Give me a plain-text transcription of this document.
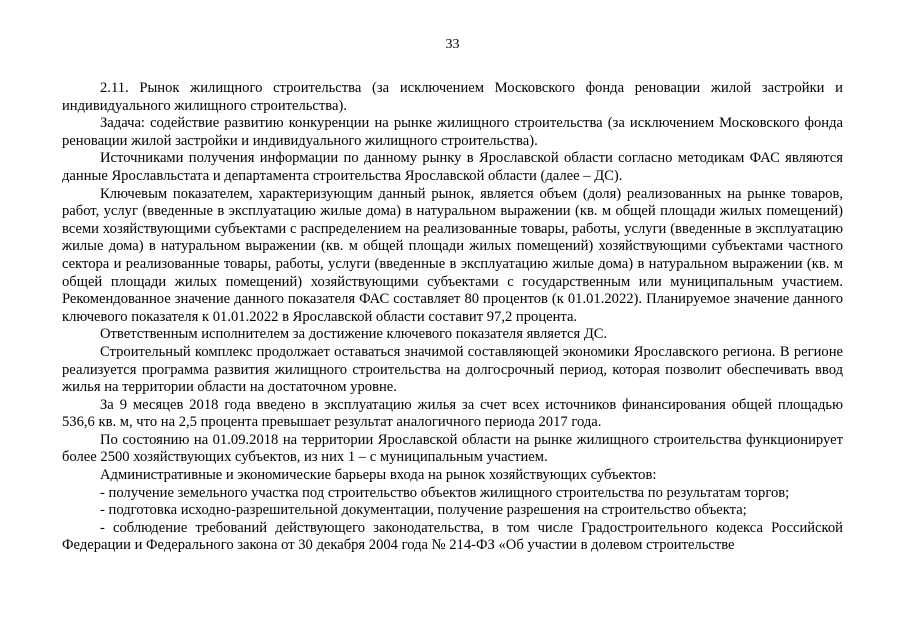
33

2.11. Рынок жилищного строительства (за исключением Московского фонда реновации жилой застройки и индивидуального жилищного строительства).

Задача: содействие развитию конкуренции на рынке жилищного строительства (за исключением Московского фонда реновации жилой застройки и индивидуального жилищного строительства).

Источниками получения информации по данному рынку в Ярославской области согласно методикам ФАС являются данные Ярославльстата и департамента строительства Ярославской области (далее – ДС).

Ключевым показателем, характеризующим данный рынок, является объем (доля) реализованных на рынке товаров, работ, услуг (введенные в эксплуатацию жилые дома) в натуральном выражении (кв. м общей площади жилых помещений) всеми хозяйствующими субъектами с распределением на реализованные товары, работы, услуги (введенные в эксплуатацию жилые дома) в натуральном выражении (кв. м общей площади жилых помещений) хозяйствующими субъектами частного сектора и реализованные товары, работы, услуги (введенные в эксплуатацию жилые дома) в натуральном выражении (кв. м общей площади жилых помещений) хозяйствующими субъектами с государственным или муниципальным участием. Рекомендованное значение данного показателя ФАС составляет 80 процентов (к 01.01.2022). Планируемое значение данного ключевого показателя к 01.01.2022 в Ярославской области составит 97,2 процента.

Ответственным исполнителем за достижение ключевого показателя является ДС.

Строительный комплекс продолжает оставаться значимой составляющей экономики Ярославского региона. В регионе реализуется программа развития жилищного строительства на долгосрочный период, которая позволит обеспечивать ввод жилья на территории области на достаточном уровне.

За 9 месяцев 2018 года введено в эксплуатацию жилья за счет всех источников финансирования общей площадью 536,6 кв. м, что на 2,5 процента превышает результат аналогичного периода 2017 года.

По состоянию на 01.09.2018 на территории Ярославской области на рынке жилищного строительства функционирует более 2500 хозяйствующих субъектов, из них 1 – с муниципальным участием.

Административные и экономические барьеры входа на рынок хозяйствующих субъектов:

- получение земельного участка под строительство объектов жилищного строительства по результатам торгов;

- подготовка исходно-разрешительной документации, получение разрешения на строительство объекта;

- соблюдение требований действующего законодательства, в том числе Градостроительного кодекса Российской Федерации и Федерального закона от 30 декабря 2004 года № 214-ФЗ «Об участии в долевом строительстве
